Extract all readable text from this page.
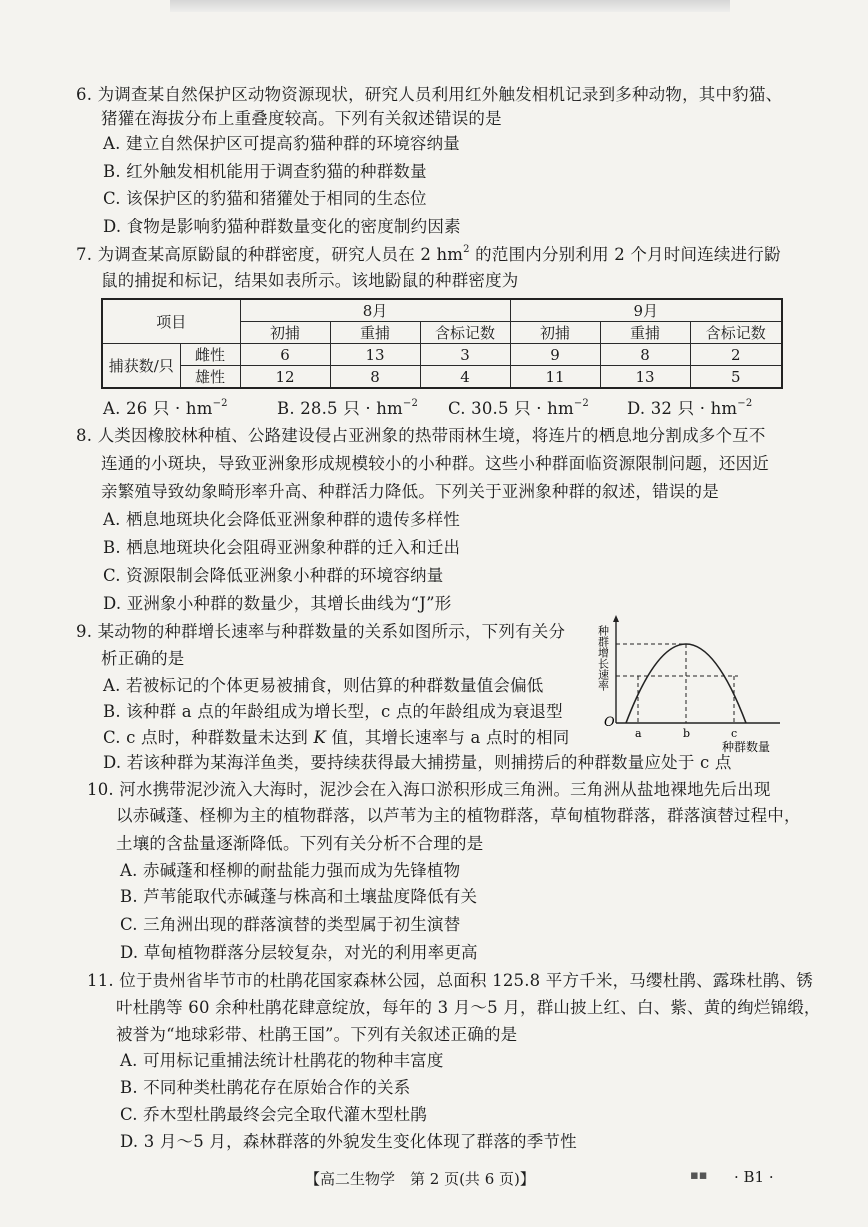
6. 为调查某自然保护区动物资源现状，研究人员利用红外触发相机记录到多种动物，其中豹猫、
猪獾在海拔分布上重叠度较高。下列有关叙述错误的是
A. 建立自然保护区可提高豹猫种群的环境容纳量
B. 红外触发相机能用于调查豹猫的种群数量
C. 该保护区的豹猫和猪獾处于相同的生态位
D. 食物是影响豹猫种群数量变化的密度制约因素
7. 为调查某高原鼢鼠的种群密度，研究人员在 2 $hm^2$ 的范围内分别利用 2 个月时间连续进行鼢
鼠的捕捉和标记，结果如表所示。该地鼢鼠的种群密度为
项目		8月			9月		
		初捕	重捕	含标记数	初捕	重捕	含标记数
捕获数/只	雌性	6	13	3	9	8	2
	雄性	12	8	4	11	13	5
A. 26 只 · $hm^{-2}$	B. 28.5 只 · $hm^{-2}$ C. 30.5 只 · $hm^{-2}$ D. 32 只 · $hm^{-2}$
8. 人类因橡胶林种植、公路建设侵占亚洲象的热带雨林生境，将连片的栖息地分割成多个互不
连通的小斑块，导致亚洲象形成规模较小的小种群。这些小种群面临资源限制问题，还因近
亲繁殖导致幼象畸形率升高、种群活力降低。下列关于亚洲象种群的叙述，错误的是
A. 栖息地斑块化会降低亚洲象种群的遗传多样性
B. 栖息地斑块化会阻碍亚洲象种群的迁入和迁出
C. 资源限制会降低亚洲象小种群的环境容纳量
D. 亚洲象小种群的数量少，其增长曲线为“J”形
9. 某动物的种群增长速率与种群数量的关系如图所示，下列有关分
析正确的是
A. 若被标记的个体更易被捕食，则估算的种群数量值会偏低
B. 该种群 a 点的年龄组成为增长型，c 点的年龄组成为衰退型
C. c 点时，种群数量未达到 K 值，其增长速率与 a 点时的相同
D. 若该种群为某海洋鱼类，要持续获得最大捕捞量，则捕捞后的种群数量应处于 c 点
种群增长速率
O
a	b	c
种群数量
10. 河水携带泥沙流入大海时，泥沙会在入海口淤积形成三角洲。三角洲从盐地裸地先后出现
以赤碱蓬、柽柳为主的植物群落，以芦苇为主的植物群落，草甸植物群落，群落演替过程中，
土壤的含盐量逐渐降低。下列有关分析不合理的是
A. 赤碱蓬和柽柳的耐盐能力强而成为先锋植物
B. 芦苇能取代赤碱蓬与株高和土壤盐度降低有关
C. 三角洲出现的群落演替的类型属于初生演替
D. 草甸植物群落分层较复杂，对光的利用率更高
11. 位于贵州省毕节市的杜鹃花国家森林公园，总面积 125.8 平方千米，马缨杜鹃、露珠杜鹃、锈
叶杜鹃等 60 余种杜鹃花肆意绽放，每年的 3 月～5 月，群山披上红、白、紫、黄的绚烂锦缎，
被誉为“地球彩带、杜鹃王国”。下列有关叙述正确的是
A. 可用标记重捕法统计杜鹃花的物种丰富度
B. 不同种类杜鹃花存在原始合作的关系
C. 乔木型杜鹃最终会完全取代灌木型杜鹃
D. 3 月～5 月，森林群落的外貌发生变化体现了群落的季节性
【高二生物学　第 2 页(共 6 页)】	▪▪ · B1 ·
